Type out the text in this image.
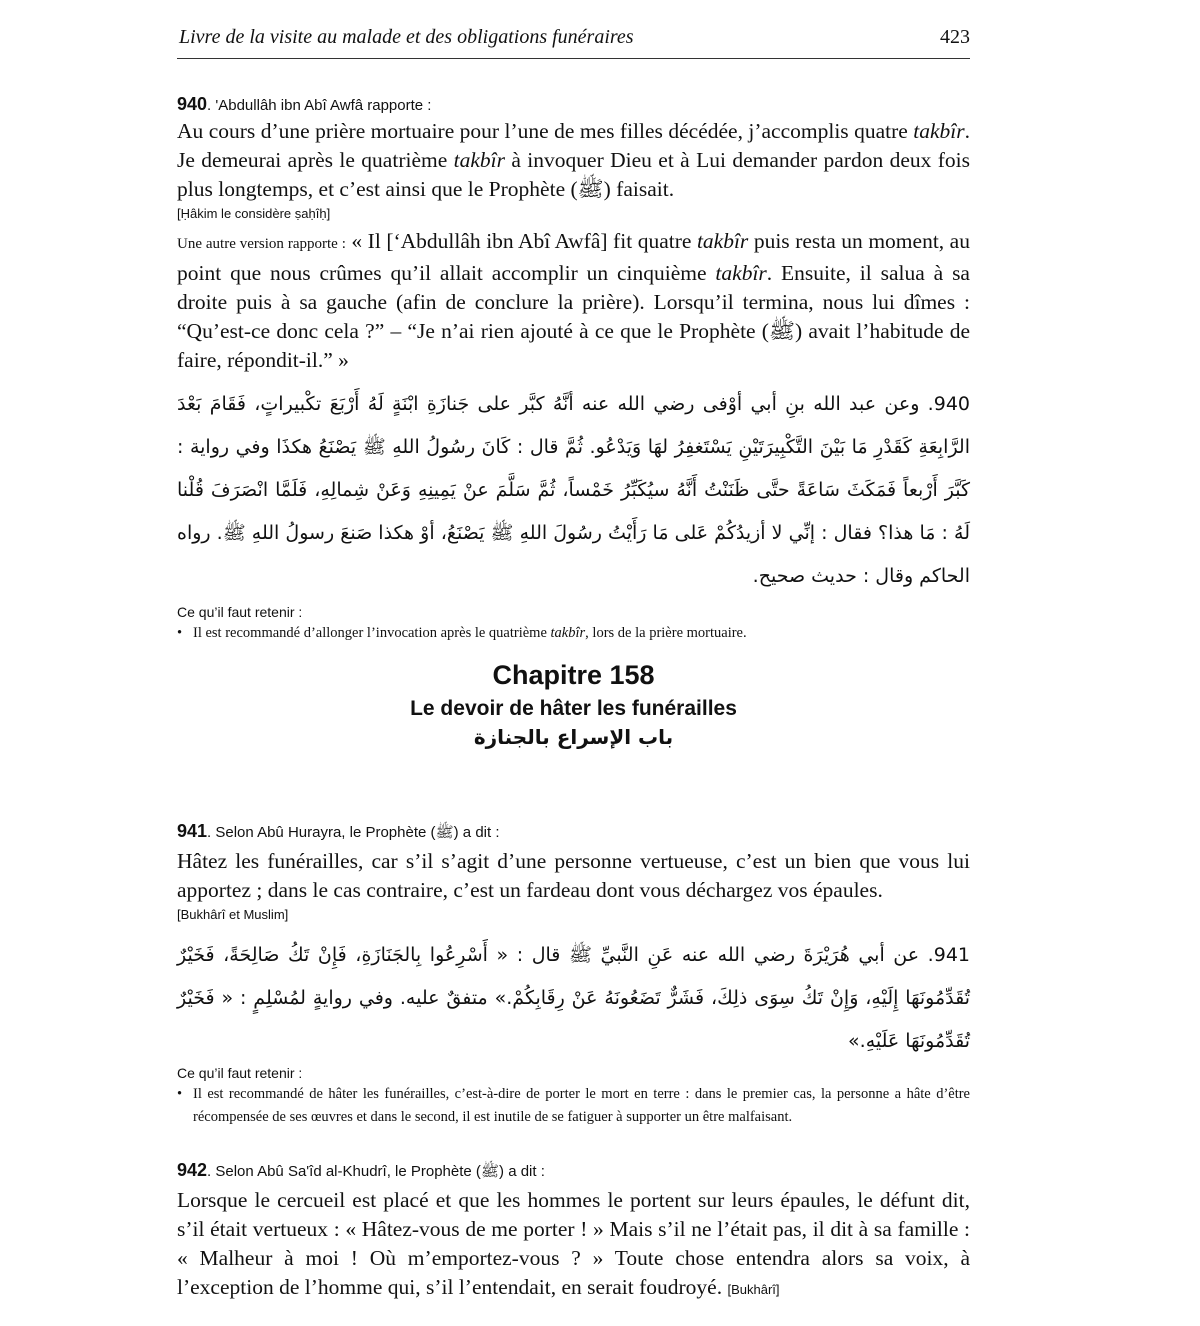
Livre de la visite au malade et des obligations funéraires	423
940. 'Abdullâh ibn Abî Awfâ rapporte :
Au cours d’une prière mortuaire pour l’une de mes filles décédée, j’accomplis quatre takbîr. Je demeurai après le quatrième takbîr à invoquer Dieu et à Lui demander pardon deux fois plus longtemps, et c’est ainsi que le Prophète (ﷺ) faisait.
[Ḥâkim le considère ṣaḥîḥ]
Une autre version rapporte : « Il [‘Abdullâh ibn Abî Awfâ] fit quatre takbîr puis resta un moment, au point que nous crûmes qu’il allait accomplir un cinquième takbîr. Ensuite, il salua à sa droite puis à sa gauche (afin de conclure la prière). Lorsqu’il termina, nous lui dîmes : “Qu’est-ce donc cela ?” – “Je n’ai rien ajouté à ce que le Prophète (ﷺ) avait l’habitude de faire, répondit-il.” »
940. وعن عبد الله بنِ أبي أوْفى رضي الله عنه أنَّهُ كبَّر على جَنازَةِ ابْنَةٍ لَهُ أَرْبَعَ تكْبيراتٍ، فَقَامَ بَعْدَ الرَّابِعَةِ كَقَدْرِ مَا بَيْنَ التَّكْبِيرَتَيْنِ يَسْتَغفِرُ لهَا وَيَدْعُو. ثُمَّ قال : كَانَ رسُولُ اللهِ ﷺ يَصْنَعُ هكذَا وفي رواية : كَبَّرَ أَرْبعاً فَمَكَثَ سَاعَةً حتَّى ظَنَنْتُ أَنَّهُ سيُكَبِّرُ خَمْساً، ثُمَّ سَلَّمَ عنْ يَمِينِهِ وَعَنْ شِمالِهِ، فَلَمَّا انْصَرَفَ قُلْنا لَهُ : مَا هذا؟ فقال : إنِّي لا أزيدُكُمْ عَلى مَا رَأَيْتُ رسُولَ اللهِ ﷺ يَصْنَعُ، أوْ هكذا صَنعَ رسولُ اللهِ ﷺ. رواه الحاكم وقال : حديث صحيح.
Ce qu’il faut retenir :
• Il est recommandé d’allonger l’invocation après le quatrième takbîr, lors de la prière mortuaire.
Chapitre 158
Le devoir de hâter les funérailles
باب الإسراع بالجنازة
941. Selon Abû Hurayra, le Prophète (ﷺ) a dit :
Hâtez les funérailles, car s’il s’agit d’une personne vertueuse, c’est un bien que vous lui apportez ; dans le cas contraire, c’est un fardeau dont vous déchargez vos épaules.
[Bukhârî et Muslim]
941. عن أبي هُرَيْرَةَ رضي الله عنه عَنِ النَّبيِّ ﷺ قال : « أَسْرِعُوا بِالجَنَازَةِ، فَإِنْ تَكُ صَالِحَةً، فَخَيْرٌ تُقَدِّمُونَهَا إِلَيْهِ، وَإِنْ تَكُ سِوَى ذلِكَ، فَشَرٌّ تَضَعُونَهُ عَنْ رِقَابِكُمْ.» متفقٌ عليه. وفي روايةٍ لمُسْلِمٍ : « فَخَيْرٌ تُقَدِّمُونَهَا عَلَيْهِ.»
Ce qu’il faut retenir :
• Il est recommandé de hâter les funérailles, c’est-à-dire de porter le mort en terre : dans le premier cas, la personne a hâte d’être récompensée de ses œuvres et dans le second, il est inutile de se fatiguer à supporter un être malfaisant.
942. Selon Abû Sa'îd al-Khudrî, le Prophète (ﷺ) a dit :
Lorsque le cercueil est placé et que les hommes le portent sur leurs épaules, le défunt dit, s’il était vertueux : « Hâtez-vous de me porter ! » Mais s’il ne l’était pas, il dit à sa famille : « Malheur à moi ! Où m’emportez-vous ? » Toute chose entendra alors sa voix, à l’exception de l’homme qui, s’il l’entendait, en serait foudroyé. [Bukhârî]
